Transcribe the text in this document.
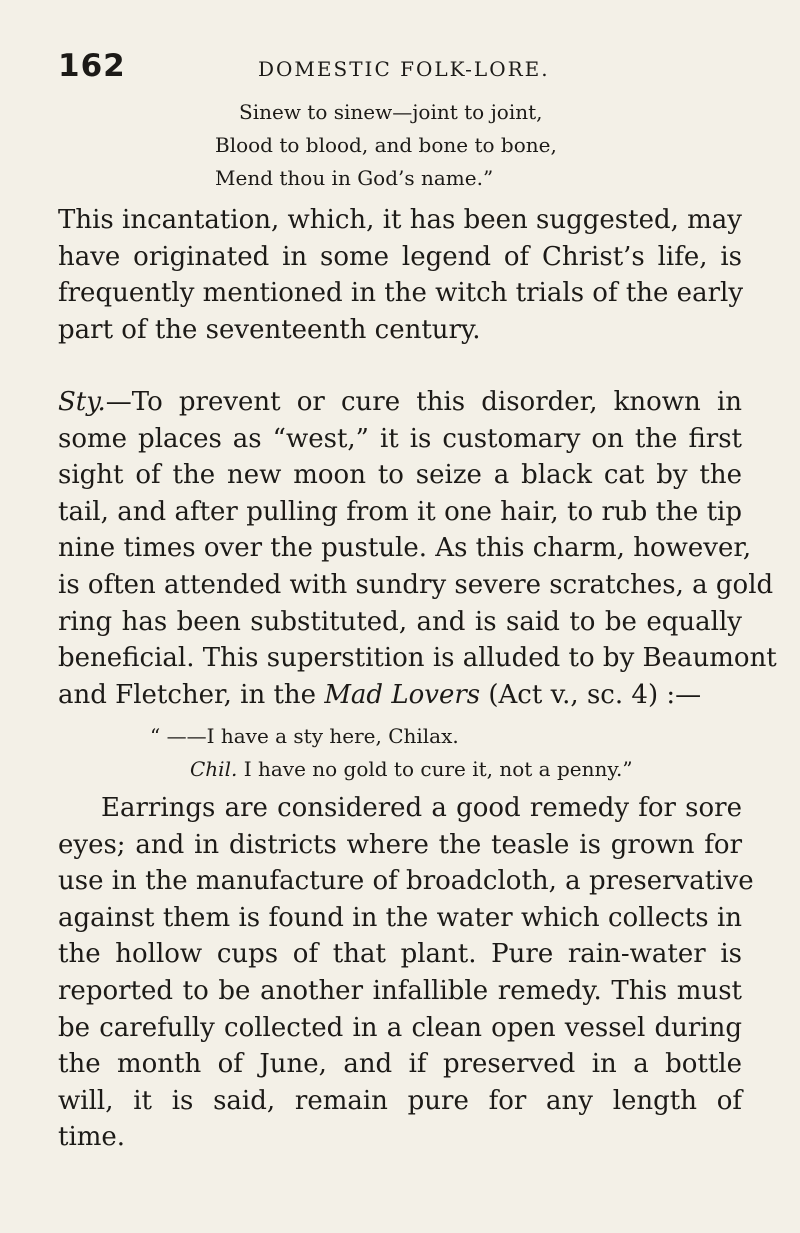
162	DOMESTIC FOLK-LORE.
Sinew to sinew—joint to joint,
Blood to blood, and bone to bone,
Mend thou in God’s name.”
This incantation, which, it has been suggested, may
have originated in some legend of Christ’s life, is
frequently mentioned in the witch trials of the early
part of the seventeenth century.
Sty.—To prevent or cure this disorder, known in
some places as “west,” it is customary on the first
sight of the new moon to seize a black cat by the
tail, and after pulling from it one hair, to rub the tip
nine times over the pustule. As this charm, however,
is often attended with sundry severe scratches, a gold
ring has been substituted, and is said to be equally
beneficial. This superstition is alluded to by Beaumont
and Fletcher, in the Mad Lovers (Act v., sc. 4) :—
“ ——I have a sty here, Chilax.
Chil. I have no gold to cure it, not a penny.”
Earrings are considered a good remedy for sore
eyes; and in districts where the teasle is grown for
use in the manufacture of broadcloth, a preservative
against them is found in the water which collects in
the hollow cups of that plant. Pure rain-water is
reported to be another infallible remedy. This must
be carefully collected in a clean open vessel during
the month of June, and if preserved in a bottle
will, it is said, remain pure for any length of
time.
